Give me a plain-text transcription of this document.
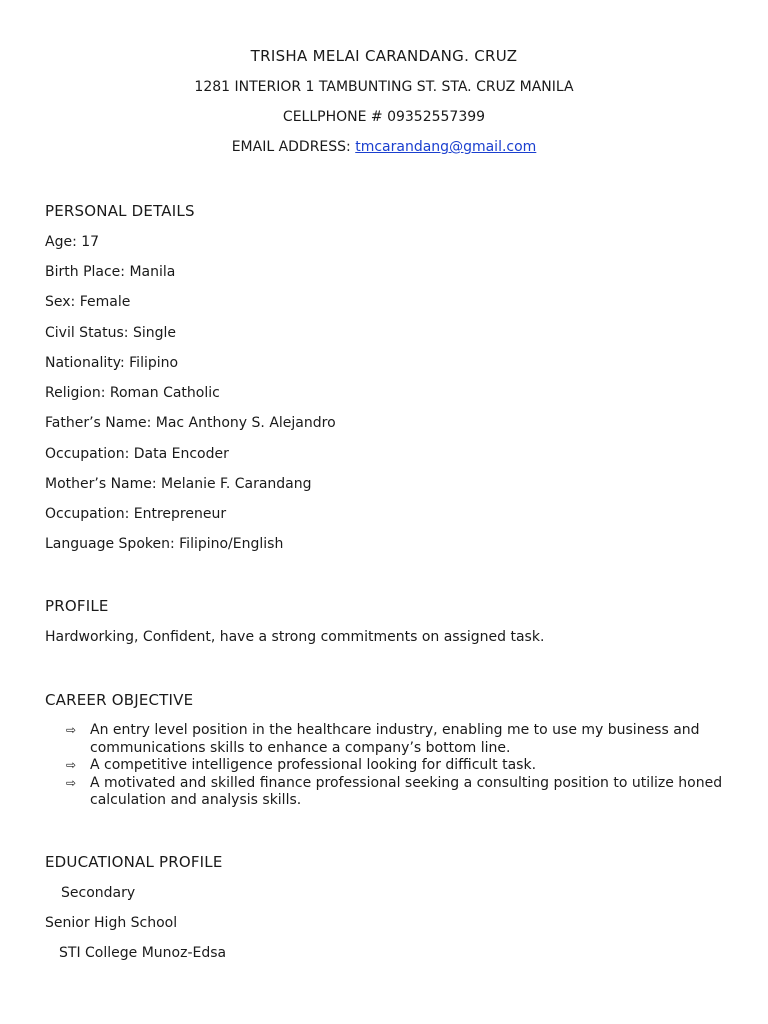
TRISHA MELAI CARANDANG. CRUZ
1281 INTERIOR 1 TAMBUNTING ST. STA. CRUZ MANILA
CELLPHONE # 09352557399
EMAIL ADDRESS: tmcarandang@gmail.com
PERSONAL DETAILS
Age: 17
Birth Place: Manila
Sex: Female
Civil Status: Single
Nationality: Filipino
Religion: Roman Catholic
Father’s Name: Mac Anthony S. Alejandro
Occupation: Data Encoder
Mother’s Name: Melanie F. Carandang
Occupation: Entrepreneur
Language Spoken: Filipino/English
PROFILE
Hardworking, Confident, have a strong commitments on assigned task.
CAREER OBJECTIVE
⇨ An entry level position in the healthcare industry, enabling me to use my business and communications skills to enhance a company’s bottom line.
⇨ A competitive intelligence professional looking for difficult task.
⇨ A motivated and skilled finance professional seeking a consulting position to utilize honed calculation and analysis skills.
EDUCATIONAL PROFILE
Secondary
Senior High School
STI College Munoz-Edsa
